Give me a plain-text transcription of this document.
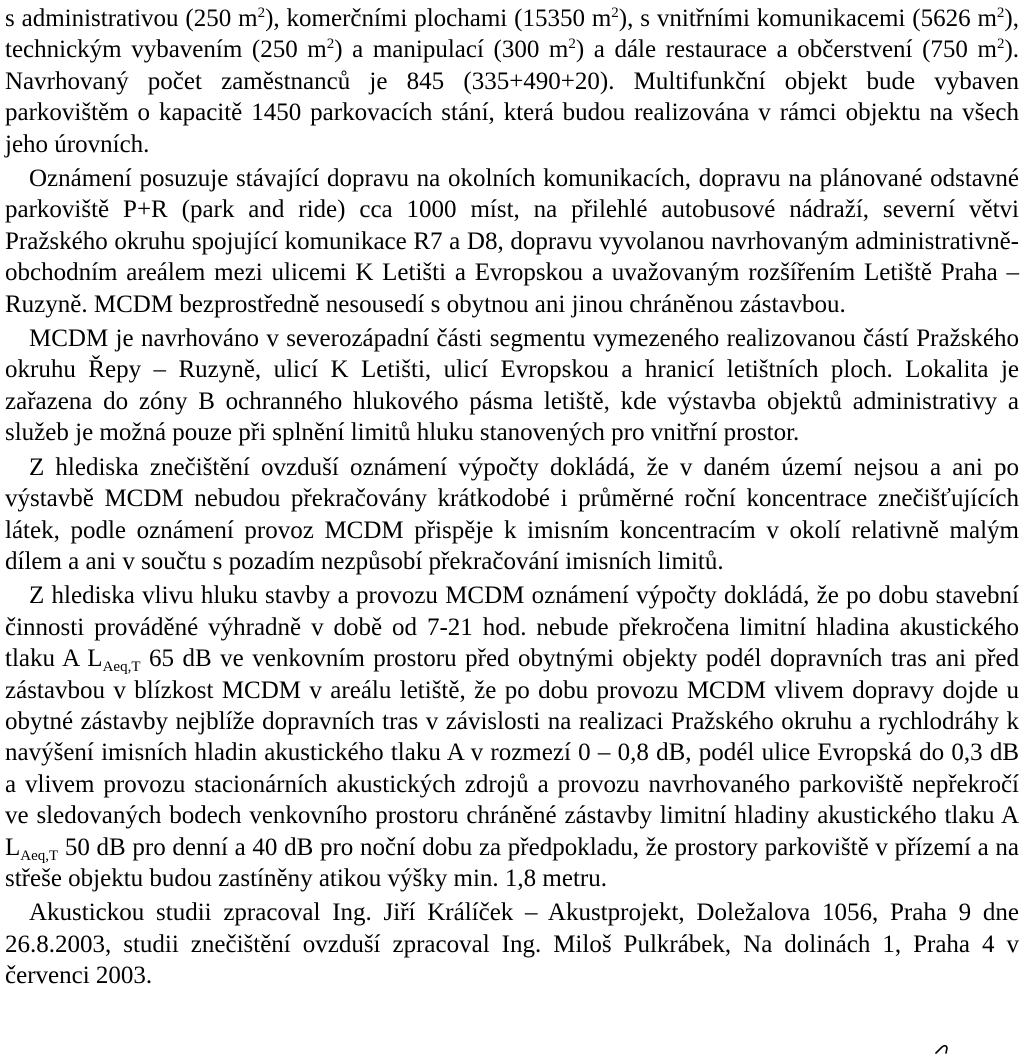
s administrativou (250 $m^2$), komerčními plochami (15350 $m^2$), s vnitřními komunikacemi (5626 $m^2$), technickým vybavením (250 $m^2$) a manipulací (300 $m^2$) a dále restaurace a občerstvení (750 $m^2$). Navrhovaný počet zaměstnanců je 845 (335+490+20). Multifunkční objekt bude vybaven parkovištěm o kapacitě 1450 parkovacích stání, která budou realizována v rámci objektu na všech jeho úrovních.

Oznámení posuzuje stávající dopravu na okolních komunikacích, dopravu na plánované odstavné parkoviště P+R (park and ride) cca 1000 míst, na přilehlé autobusové nádraží, severní větvi Pražského okruhu spojující komunikace R7 a D8, dopravu vyvolanou navrhovaným administrativně-obchodním areálem mezi ulicemi K Letišti a Evropskou a uvažovaným rozšířením Letiště Praha – Ruzyně. MCDM bezprostředně nesousedí s obytnou ani jinou chráněnou zástavbou.

MCDM je navrhováno v severozápadní části segmentu vymezeného realizovanou částí Pražského okruhu Řepy – Ruzyně, ulicí K Letišti, ulicí Evropskou a hranicí letištních ploch. Lokalita je zařazena do zóny B ochranného hlukového pásma letiště, kde výstavba objektů administrativy a služeb je možná pouze při splnění limitů hluku stanovených pro vnitřní prostor.

Z hlediska znečištění ovzduší oznámení výpočty dokládá, že v daném území nejsou a ani po výstavbě MCDM nebudou překračovány krátkodobé i průměrné roční koncentrace znečišťujících látek, podle oznámení provoz MCDM přispěje k imisním koncentracím v okolí relativně malým dílem a ani v součtu s pozadím nezpůsobí překračování imisních limitů.

Z hlediska vlivu hluku stavby a provozu MCDM oznámení výpočty dokládá, že po dobu stavební činnosti prováděné výhradně v době od 7-21 hod. nebude překročena limitní hladina akustického tlaku A $L_{Aeq,T}$ 65 dB ve venkovním prostoru před obytnými objekty podél dopravních tras ani před zástavbou v blízkost MCDM v areálu letiště, že po dobu provozu MCDM vlivem dopravy dojde u obytné zástavby nejblíže dopravních tras v závislosti na realizaci Pražského okruhu a rychlodráhy k navýšení imisních hladin akustického tlaku A v rozmezí 0 – 0,8 dB, podél ulice Evropská do 0,3 dB a vlivem provozu stacionárních akustických zdrojů a provozu navrhovaného parkoviště nepřekročí ve sledovaných bodech venkovního prostoru chráněné zástavby limitní hladiny akustického tlaku A $L_{Aeq,T}$ 50 dB pro denní a 40 dB pro noční dobu za předpokladu, že prostory parkoviště v přízemí a na střeše objektu budou zastíněny atikou výšky min. 1,8 metru.

Akustickou studii zpracoval Ing. Jiří Králíček – Akustprojekt, Doležalova 1056, Praha 9 dne 26.8.2003, studii znečištění ovzduší zpracoval Ing. Miloš Pulkrábek, Na dolinách 1, Praha 4 v červenci 2003.
